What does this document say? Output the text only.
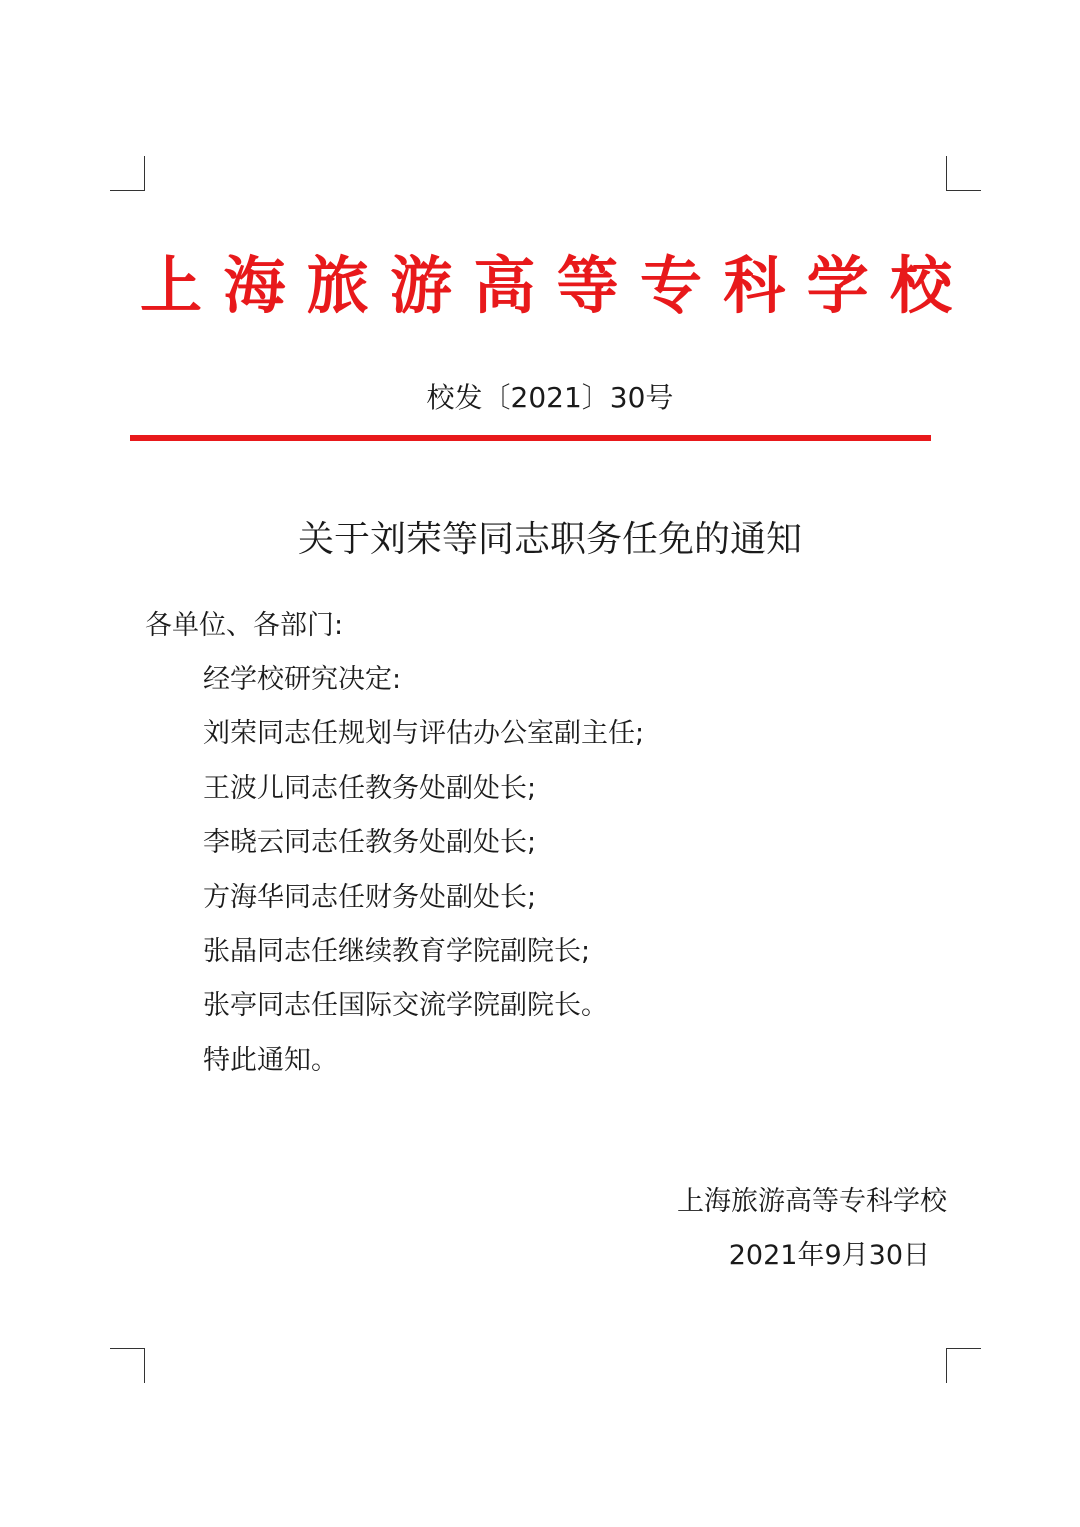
上 海 旅 游 高 等 专 科 学 校
校发〔2021〕30号
关于刘荣等同志职务任免的通知
各单位、各部门:
经学校研究决定:
刘荣同志任规划与评估办公室副主任;
王波儿同志任教务处副处长;
李晓云同志任教务处副处长;
方海华同志任财务处副处长;
张晶同志任继续教育学院副院长;
张亭同志任国际交流学院副院长。
特此通知。
上海旅游高等专科学校
2021年9月30日
